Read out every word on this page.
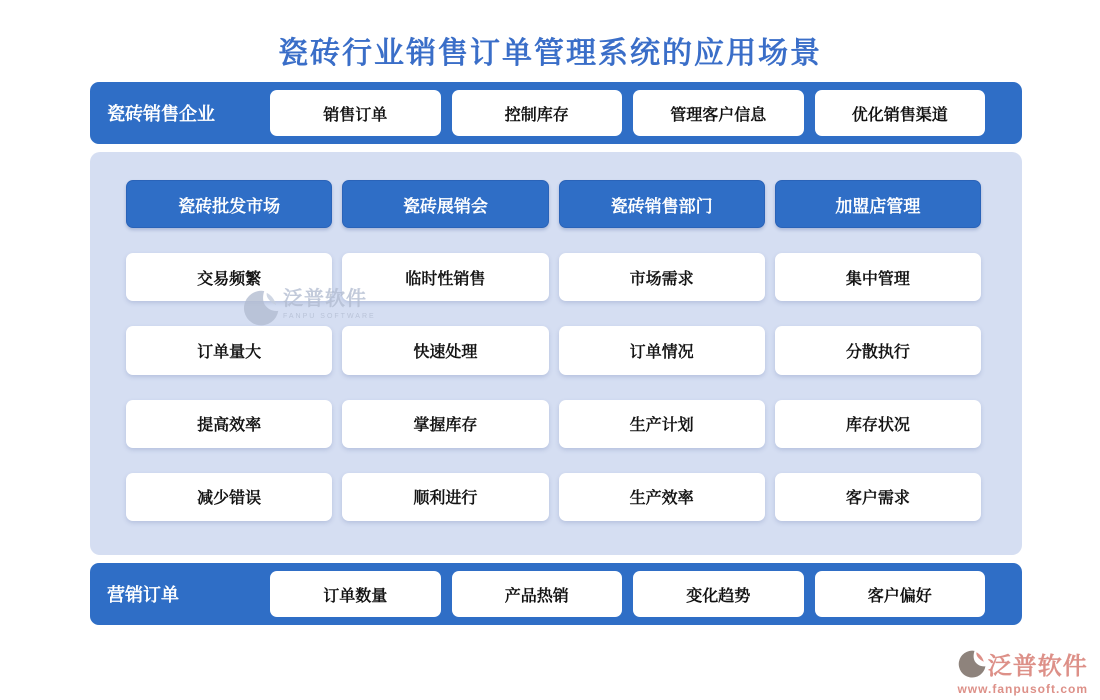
瓷砖行业销售订单管理系统的应用场景
瓷砖销售企业	销售订单	控制库存	管理客户信息	优化销售渠道
瓷砖批发市场	瓷砖展销会	瓷砖销售部门	加盟店管理
交易频繁	临时性销售	市场需求	集中管理
订单量大	快速处理	订单情况	分散执行
提高效率	掌握库存	生产计划	库存状况
减少错误	顺利进行	生产效率	客户需求
营销订单	订单数量	产品热销	变化趋势	客户偏好
泛普软件
FANPU SOFTWARE
泛普软件
www.fanpusoft.com
